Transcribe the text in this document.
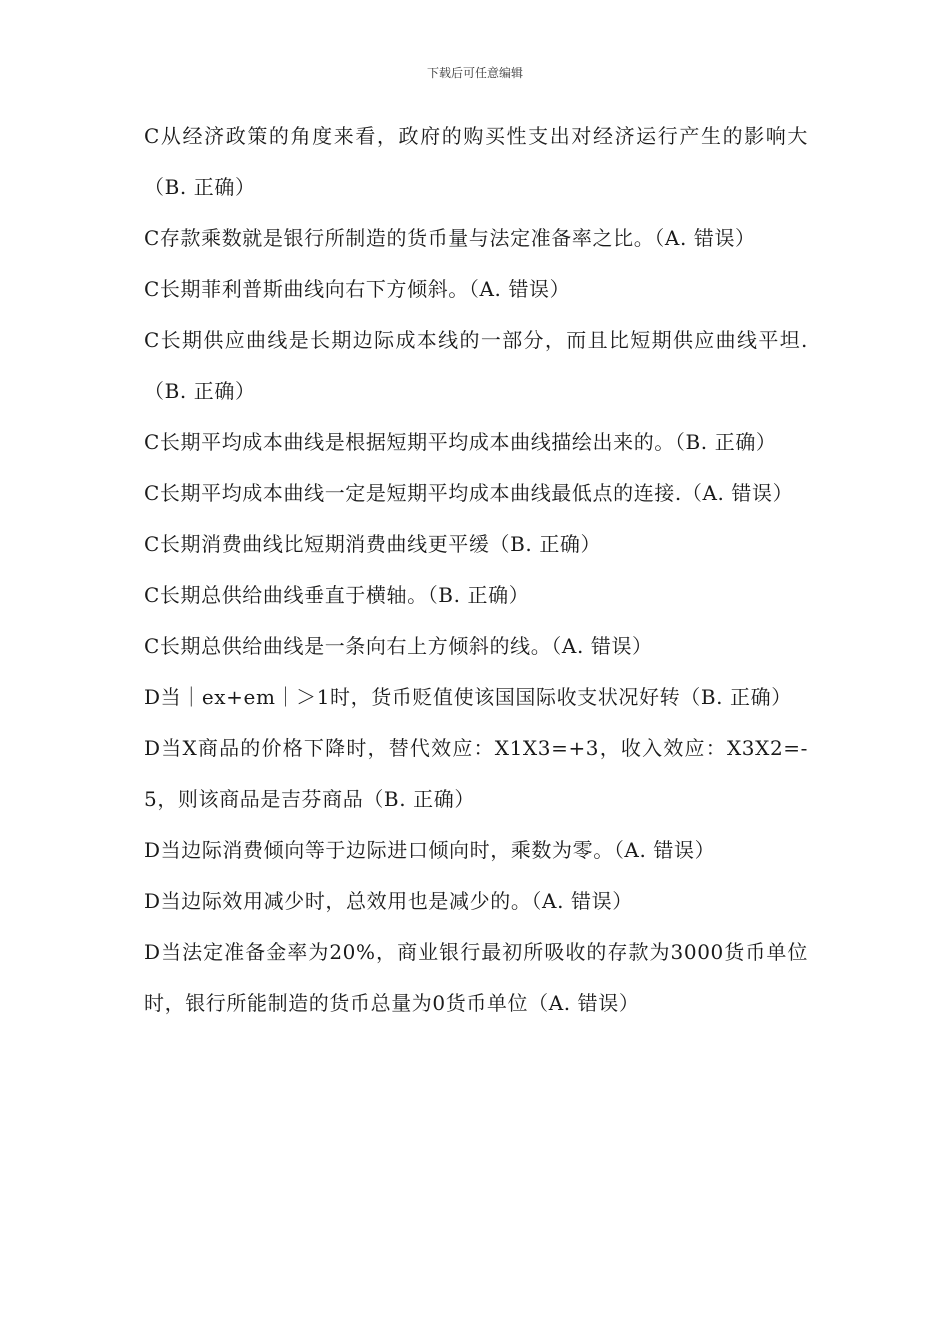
下载后可任意编辑

C从经济政策的角度来看，政府的购买性支出对经济运行产生的影响大（B. 正确）

C存款乘数就是银行所制造的货币量与法定准备率之比。（A. 错误）

C长期菲利普斯曲线向右下方倾斜。（A. 错误）

C长期供应曲线是长期边际成本线的一部分，而且比短期供应曲线平坦.（B. 正确）

C长期平均成本曲线是根据短期平均成本曲线描绘出来的。（B. 正确）

C长期平均成本曲线一定是短期平均成本曲线最低点的连接.（A. 错误）

C长期消费曲线比短期消费曲线更平缓（B. 正确）

C长期总供给曲线垂直于横轴。（B. 正确）

C长期总供给曲线是一条向右上方倾斜的线。（A. 错误）

D当｜ex+em｜＞1时，货币贬值使该国国际收支状况好转（B. 正确）

D当X商品的价格下降时，替代效应：X1X3=+3，收入效应：X3X2=-5，则该商品是吉芬商品（B. 正确）

D当边际消费倾向等于边际进口倾向时，乘数为零。（A. 错误）

D当边际效用减少时，总效用也是减少的。（A. 错误）

D当法定准备金率为20%，商业银行最初所吸收的存款为3000货币单位时，银行所能制造的货币总量为0货币单位（A. 错误）
